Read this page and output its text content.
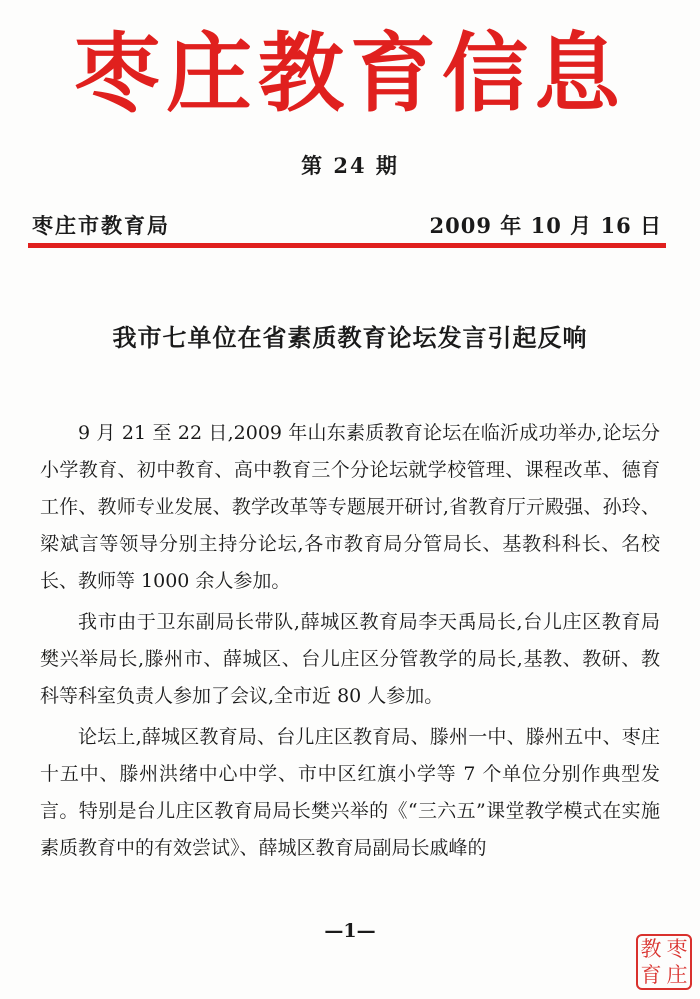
枣庄教育信息
第 24 期
枣庄市教育局	2009 年 10 月 16 日
我市七单位在省素质教育论坛发言引起反响

9 月 21 至 22 日,2009 年山东素质教育论坛在临沂成功举办,论坛分小学教育、初中教育、高中教育三个分论坛就学校管理、课程改革、德育工作、教师专业发展、教学改革等专题展开研讨,省教育厅亓殿强、孙玲、梁斌言等领导分别主持分论坛,各市教育局分管局长、基教科科长、名校长、教师等 1000 余人参加。

我市由于卫东副局长带队,薛城区教育局李天禹局长,台儿庄区教育局樊兴举局长,滕州市、薛城区、台儿庄区分管教学的局长,基教、教研、教科等科室负责人参加了会议,全市近 80 人参加。

论坛上,薛城区教育局、台儿庄区教育局、滕州一中、滕州五中、枣庄十五中、滕州洪绪中心中学、市中区红旗小学等 7 个单位分别作典型发言。特别是台儿庄区教育局局长樊兴举的《“三六五”课堂教学模式在实施素质教育中的有效尝试》、薛城区教育局副局长戚峰的

—1—
教 枣
育 庄
